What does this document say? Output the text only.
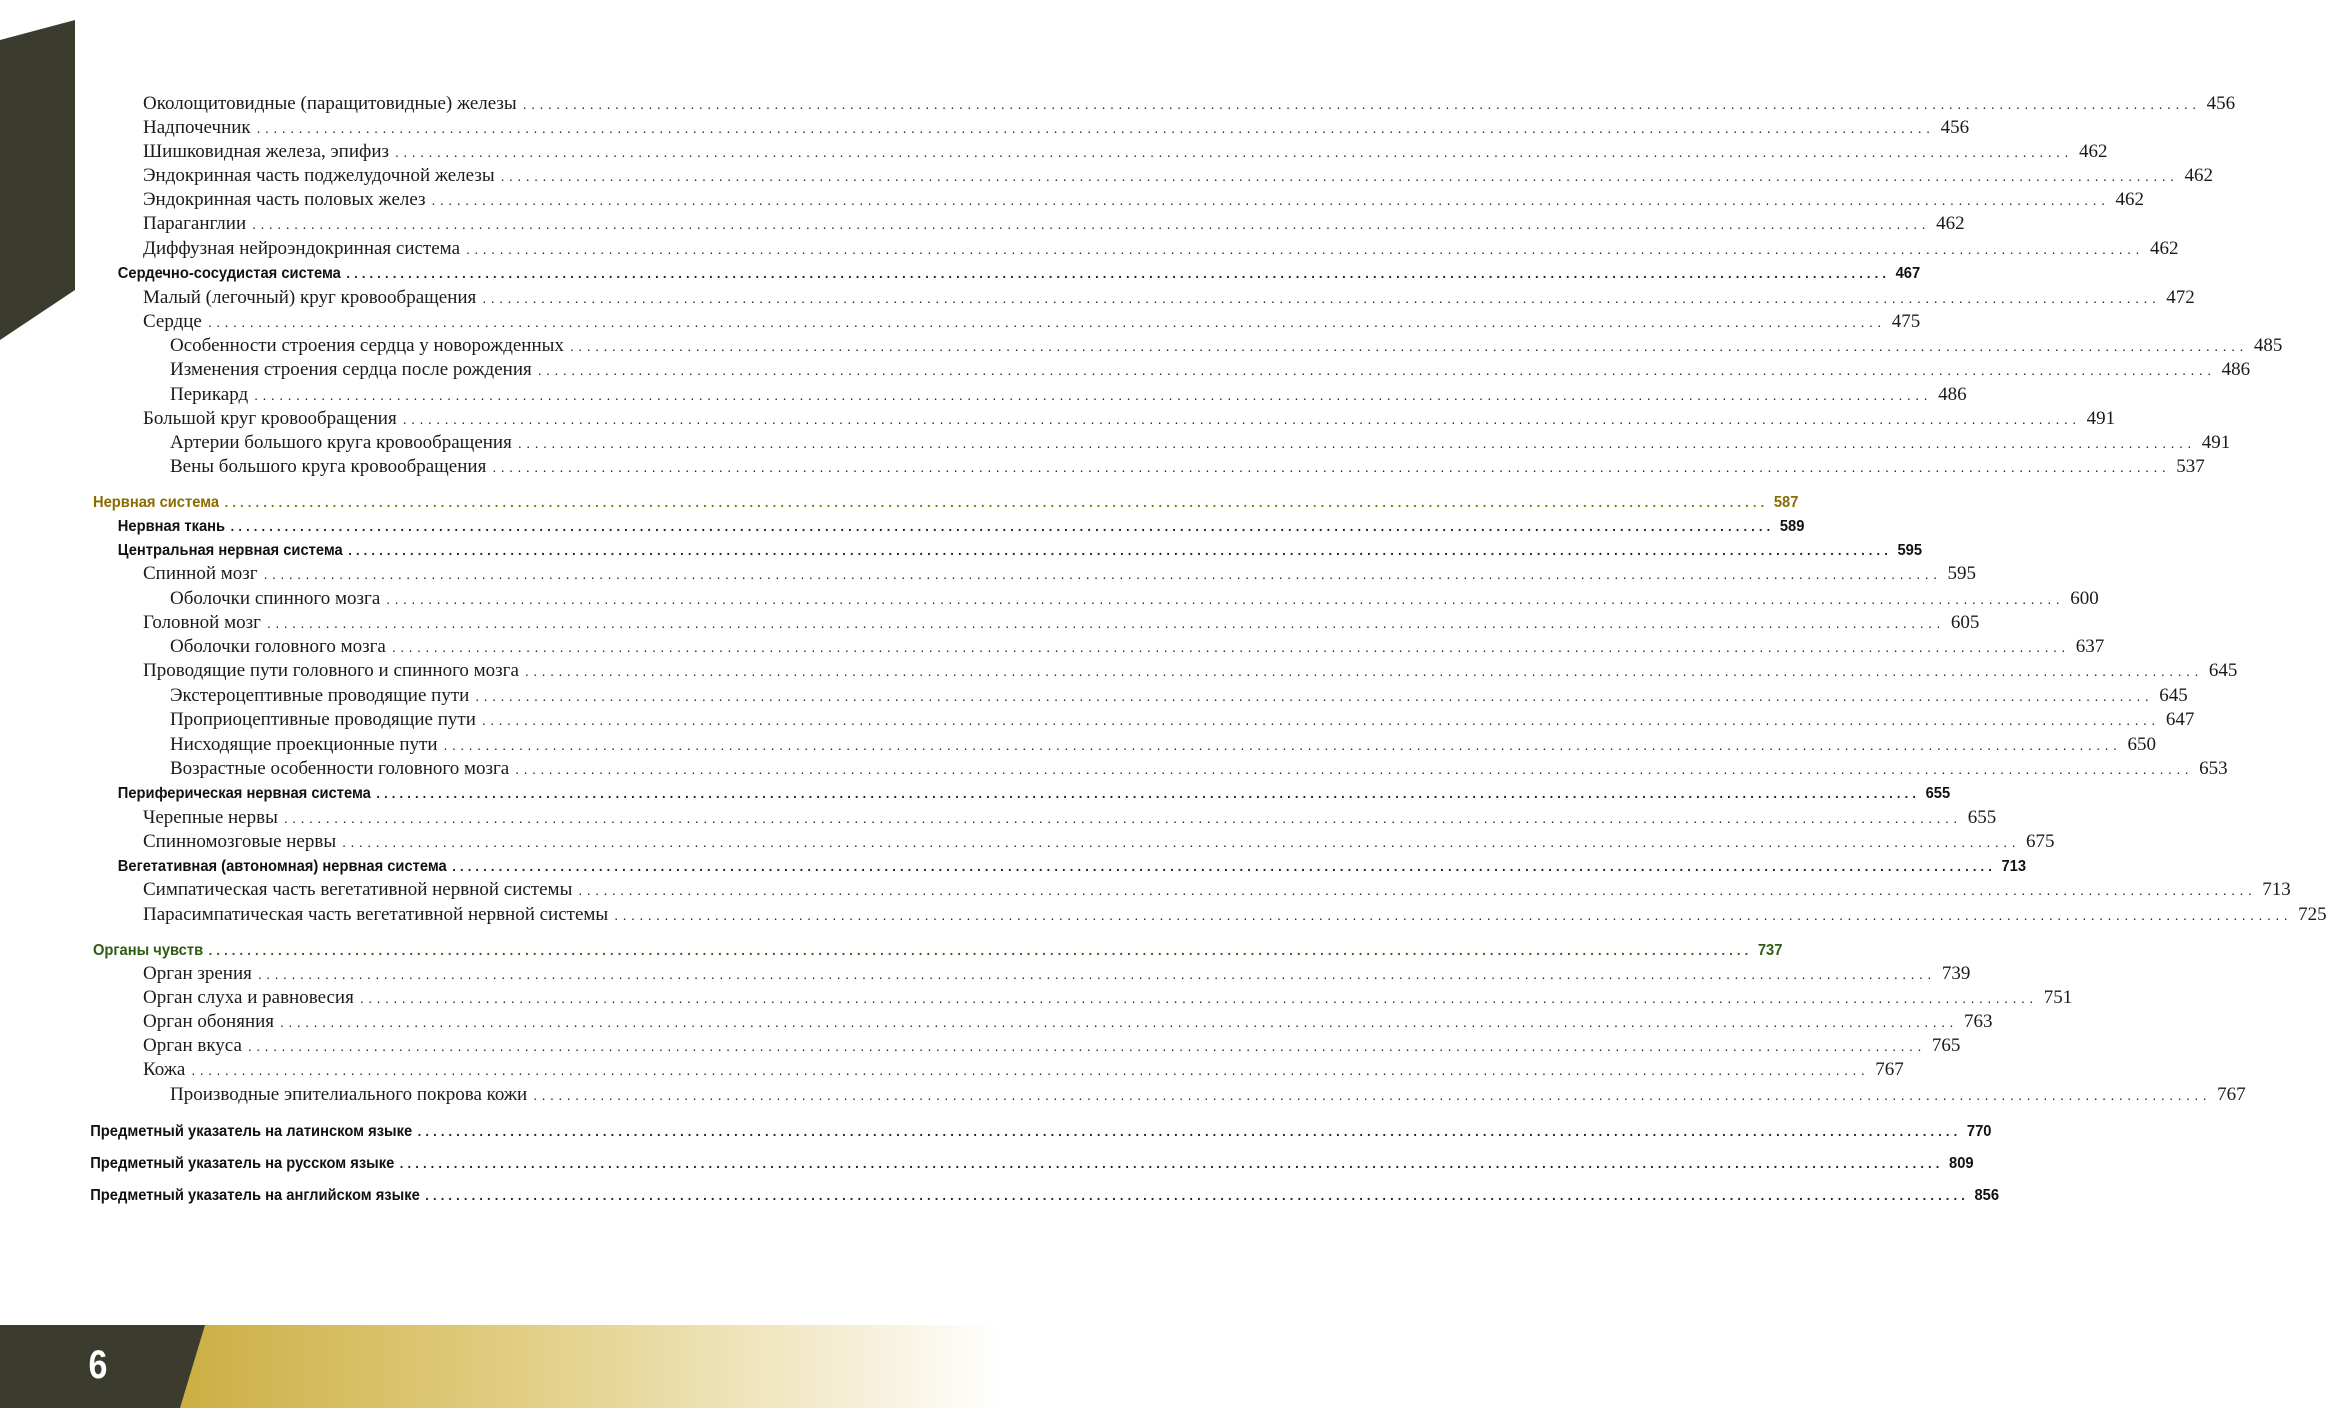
Околощитовидные (паращитовидные) железы ........................................................................................................................................................................................................ 456
Надпочечник ........................................................................................................................................................................................................ 456
Шишковидная железа, эпифиз ........................................................................................................................................................................................................ 462
Эндокринная часть поджелудочной железы ........................................................................................................................................................................................................ 462
Эндокринная часть половых желез ........................................................................................................................................................................................................ 462
Параганглии ........................................................................................................................................................................................................ 462
Диффузная нейроэндокринная система ........................................................................................................................................................................................................ 462
Сердечно-сосудистая система ........................................................................................................................................................................................................ 467
Малый (легочный) круг кровообращения ........................................................................................................................................................................................................ 472
Сердце ........................................................................................................................................................................................................ 475
Особенности строения сердца у новорожденных ........................................................................................................................................................................................................ 485
Изменения строения сердца после рождения ........................................................................................................................................................................................................ 486
Перикард ........................................................................................................................................................................................................ 486
Большой круг кровообращения ........................................................................................................................................................................................................ 491
Артерии большого круга кровообращения ........................................................................................................................................................................................................ 491
Вены большого круга кровообращения ........................................................................................................................................................................................................ 537
Нервная система ........................................................................................................................................................................................................ 587
Нервная ткань ........................................................................................................................................................................................................ 589
Центральная нервная система ........................................................................................................................................................................................................ 595
Спинной мозг ........................................................................................................................................................................................................ 595
Оболочки спинного мозга ........................................................................................................................................................................................................ 600
Головной мозг ........................................................................................................................................................................................................ 605
Оболочки головного мозга ........................................................................................................................................................................................................ 637
Проводящие пути головного и спинного мозга ........................................................................................................................................................................................................ 645
Экстероцептивные проводящие пути ........................................................................................................................................................................................................ 645
Проприоцептивные проводящие пути ........................................................................................................................................................................................................ 647
Нисходящие проекционные пути ........................................................................................................................................................................................................ 650
Возрастные особенности головного мозга ........................................................................................................................................................................................................ 653
Периферическая нервная система ........................................................................................................................................................................................................ 655
Черепные нервы ........................................................................................................................................................................................................ 655
Спинномозговые нервы ........................................................................................................................................................................................................ 675
Вегетативная (автономная) нервная система ........................................................................................................................................................................................................ 713
Симпатическая часть вегетативной нервной системы ........................................................................................................................................................................................................ 713
Парасимпатическая часть вегетативной нервной системы ........................................................................................................................................................................................................ 725
Органы чувств ........................................................................................................................................................................................................ 737
Орган зрения ........................................................................................................................................................................................................ 739
Орган слуха и равновесия ........................................................................................................................................................................................................ 751
Орган обоняния ........................................................................................................................................................................................................ 763
Орган вкуса ........................................................................................................................................................................................................ 765
Кожа ........................................................................................................................................................................................................ 767
Производные эпителиального покрова кожи ........................................................................................................................................................................................................ 767
Предметный указатель на латинском языке ........................................................................................................................................................................................................ 770
Предметный указатель на русском языке ........................................................................................................................................................................................................ 809
Предметный указатель на английском языке ........................................................................................................................................................................................................ 856
6
